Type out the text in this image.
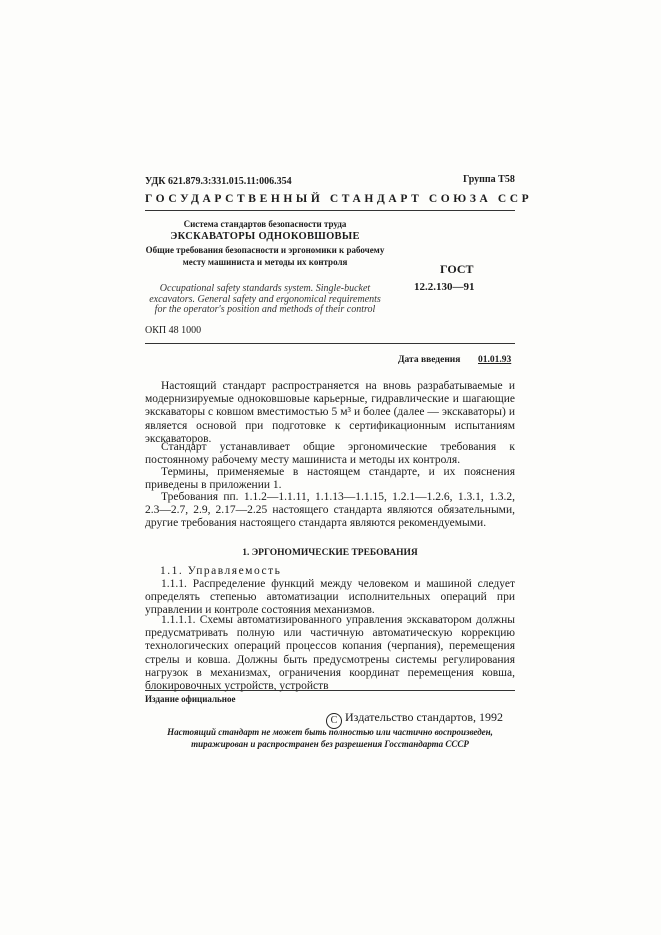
УДК 621.879.3:331.015.11:006.354	Группа Т58
ГОСУДАРСТВЕННЫЙ СТАНДАРТ СОЮЗА ССР
Система стандартов безопасности труда
ЭКСКАВАТОРЫ ОДНОКОВШОВЫЕ
Общие требования безопасности и эргономики к рабочему месту машиниста и методы их контроля
Occupational safety standards system. Single-bucket excavators. General safety and ergonomical requirements for the operator's position and methods of their control
ОКП 48 1000
ГОСТ
12.2.130—91
Дата введения 01.01.93
Настоящий стандарт распространяется на вновь разрабатываемые и модернизируемые одноковшовые карьерные, гидравлические и шагающие экскаваторы с ковшом вместимостью 5 м³ и более (далее — экскаваторы) и является основой при подготовке к сертификационным испытаниям экскаваторов.
Стандарт устанавливает общие эргономические требования к постоянному рабочему месту машиниста и методы их контроля.
Термины, применяемые в настоящем стандарте, и их пояснения приведены в приложении 1.
Требования пп. 1.1.2—1.1.11, 1.1.13—1.1.15, 1.2.1—1.2.6, 1.3.1, 1.3.2, 2.3—2.7, 2.9, 2.17—2.25 настоящего стандарта являются обязательными, другие требования настоящего стандарта являются рекомендуемыми.
1. ЭРГОНОМИЧЕСКИЕ ТРЕБОВАНИЯ
1.1. Управляемость
1.1.1. Распределение функций между человеком и машиной следует определять степенью автоматизации исполнительных операций при управлении и контроле состояния механизмов.
1.1.1.1. Схемы автоматизированного управления экскаватором должны предусматривать полную или частичную автоматическую коррекцию технологических операций процессов копания (черпания), перемещения стрелы и ковша. Должны быть предусмотрены системы регулирования нагрузок в механизмах, ограничения координат перемещения ковша, блокировочных устройств, устройств
Издание официальное
C Издательство стандартов, 1992
Настоящий стандарт не может быть полностью или частично воспроизведен, тиражирован и распространен без разрешения Госстандарта СССР
